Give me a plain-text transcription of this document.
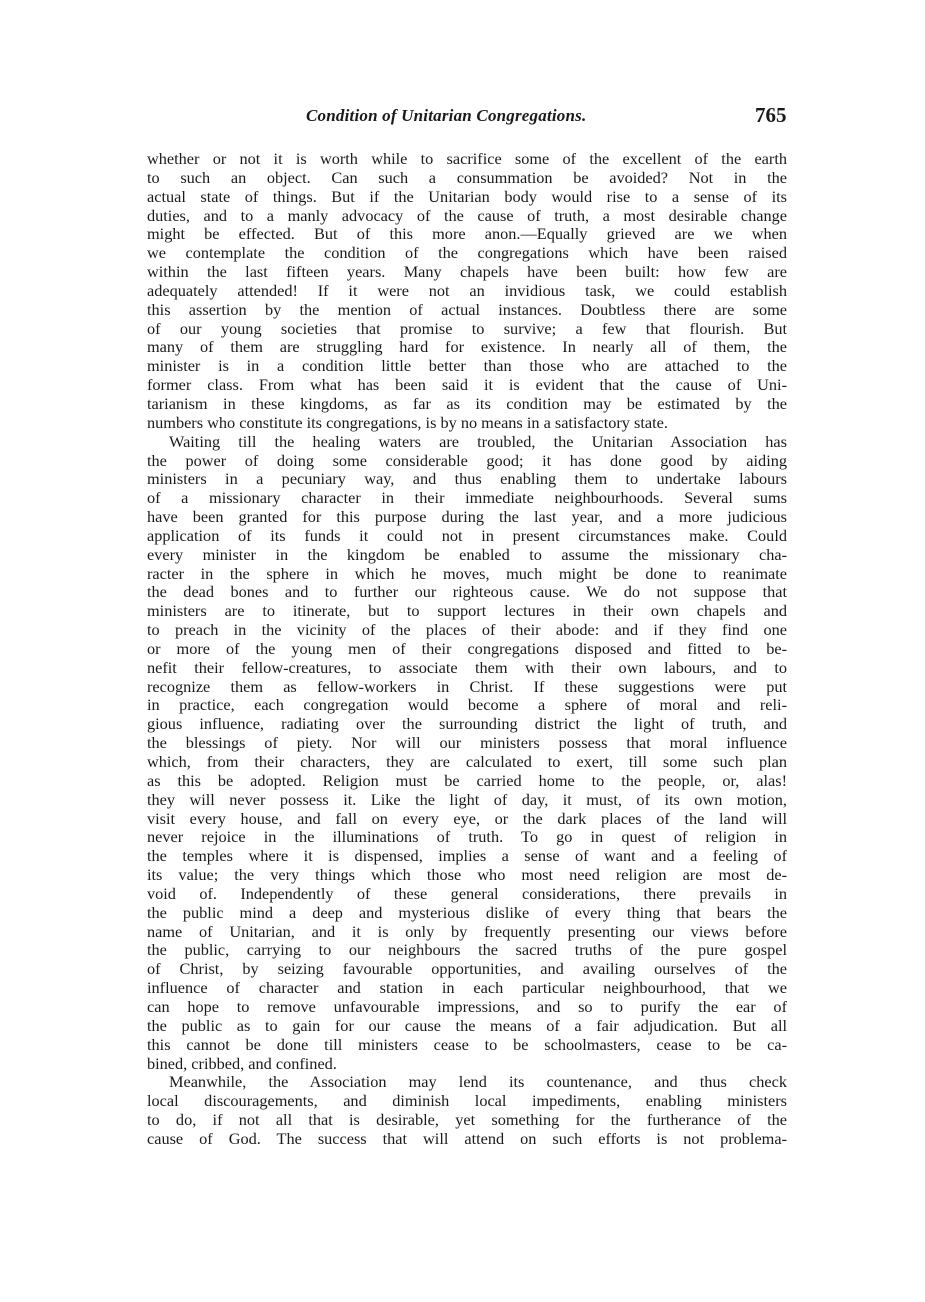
Condition of Unitarian Congregations.	765
whether or not it is worth while to sacrifice some of the excellent of the earth
to such an object. Can such a consummation be avoided? Not in the
actual state of things. But if the Unitarian body would rise to a sense of its
duties, and to a manly advocacy of the cause of truth, a most desirable change
might be effected. But of this more anon.—Equally grieved are we when
we contemplate the condition of the congregations which have been raised
within the last fifteen years. Many chapels have been built: how few are
adequately attended! If it were not an invidious task, we could establish
this assertion by the mention of actual instances. Doubtless there are some
of our young societies that promise to survive; a few that flourish. But
many of them are struggling hard for existence. In nearly all of them, the
minister is in a condition little better than those who are attached to the
former class. From what has been said it is evident that the cause of Uni-
tarianism in these kingdoms, as far as its condition may be estimated by the
numbers who constitute its congregations, is by no means in a satisfactory state.
Waiting till the healing waters are troubled, the Unitarian Association has
the power of doing some considerable good; it has done good by aiding
ministers in a pecuniary way, and thus enabling them to undertake labours
of a missionary character in their immediate neighbourhoods. Several sums
have been granted for this purpose during the last year, and a more judicious
application of its funds it could not in present circumstances make. Could
every minister in the kingdom be enabled to assume the missionary cha-
racter in the sphere in which he moves, much might be done to reanimate
the dead bones and to further our righteous cause. We do not suppose that
ministers are to itinerate, but to support lectures in their own chapels and
to preach in the vicinity of the places of their abode: and if they find one
or more of the young men of their congregations disposed and fitted to be-
nefit their fellow-creatures, to associate them with their own labours, and to
recognize them as fellow-workers in Christ. If these suggestions were put
in practice, each congregation would become a sphere of moral and reli-
gious influence, radiating over the surrounding district the light of truth, and
the blessings of piety. Nor will our ministers possess that moral influence
which, from their characters, they are calculated to exert, till some such plan
as this be adopted. Religion must be carried home to the people, or, alas!
they will never possess it. Like the light of day, it must, of its own motion,
visit every house, and fall on every eye, or the dark places of the land will
never rejoice in the illuminations of truth. To go in quest of religion in
the temples where it is dispensed, implies a sense of want and a feeling of
its value; the very things which those who most need religion are most de-
void of. Independently of these general considerations, there prevails in
the public mind a deep and mysterious dislike of every thing that bears the
name of Unitarian, and it is only by frequently presenting our views before
the public, carrying to our neighbours the sacred truths of the pure gospel
of Christ, by seizing favourable opportunities, and availing ourselves of the
influence of character and station in each particular neighbourhood, that we
can hope to remove unfavourable impressions, and so to purify the ear of
the public as to gain for our cause the means of a fair adjudication. But all
this cannot be done till ministers cease to be schoolmasters, cease to be ca-
bined, cribbed, and confined.
Meanwhile, the Association may lend its countenance, and thus check
local discouragements, and diminish local impediments, enabling ministers
to do, if not all that is desirable, yet something for the furtherance of the
cause of God. The success that will attend on such efforts is not problema-
